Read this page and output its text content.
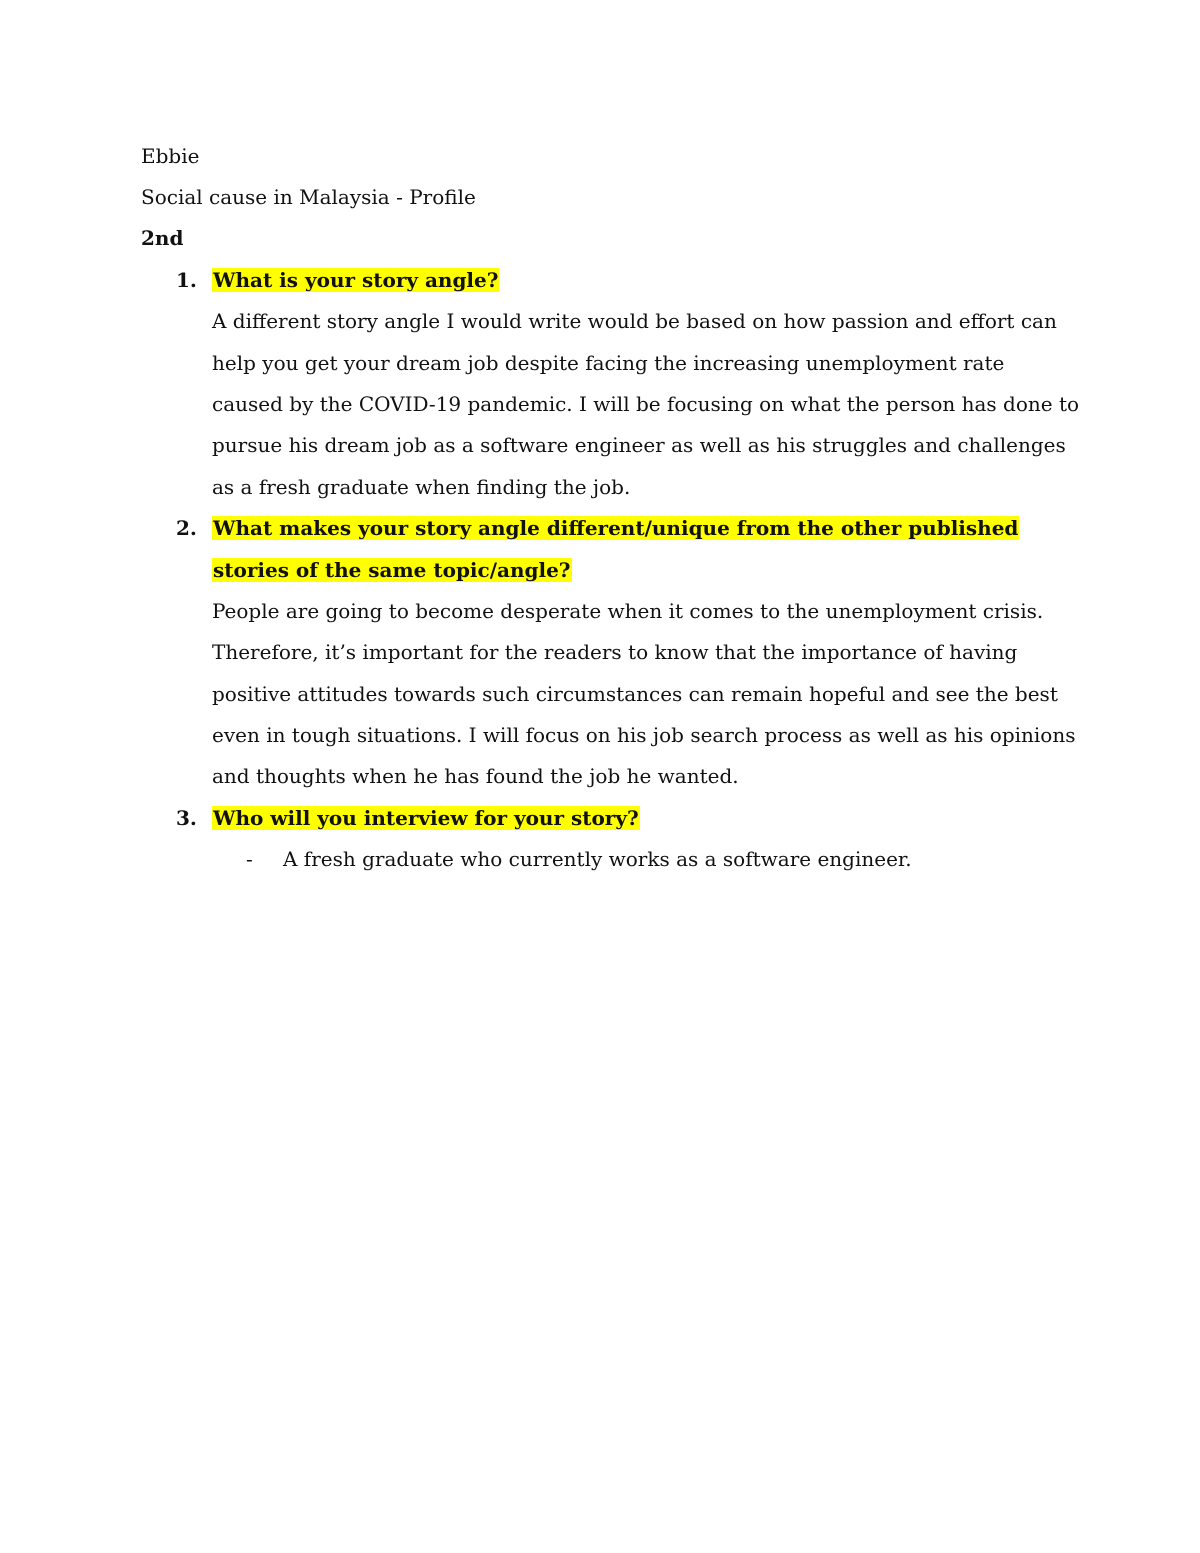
Ebbie
Social cause in Malaysia - Profile
2nd
1. What is your story angle?
A different story angle I would write would be based on how passion and effort can
help you get your dream job despite facing the increasing unemployment rate
caused by the COVID-19 pandemic. I will be focusing on what the person has done to
pursue his dream job as a software engineer as well as his struggles and challenges
as a fresh graduate when finding the job.
2. What makes your story angle different/unique from the other published
stories of the same topic/angle?
People are going to become desperate when it comes to the unemployment crisis.
Therefore, it’s important for the readers to know that the importance of having
positive attitudes towards such circumstances can remain hopeful and see the best
even in tough situations. I will focus on his job search process as well as his opinions
and thoughts when he has found the job he wanted.
3. Who will you interview for your story?
- A fresh graduate who currently works as a software engineer.
